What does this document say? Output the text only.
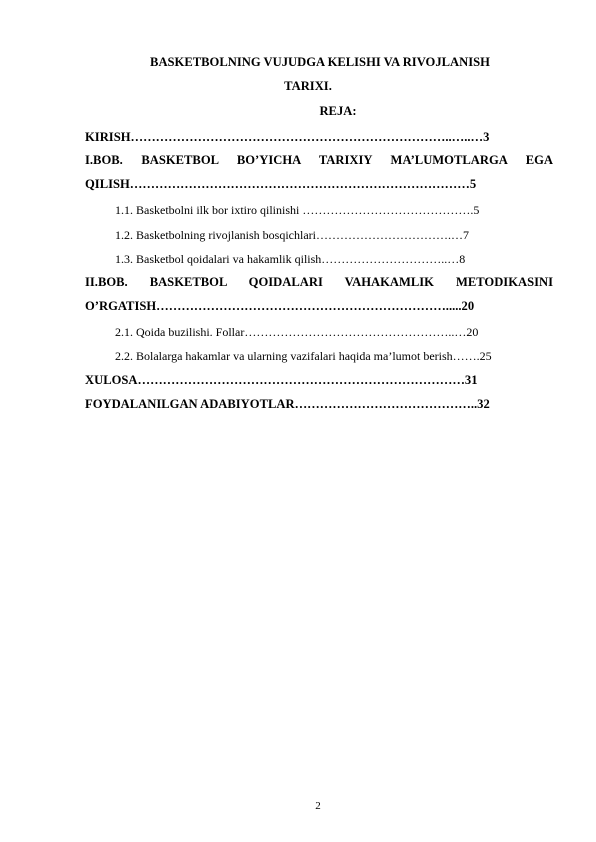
BASKETBOLNING VUJUDGA KELISHI VA RIVOJLANISH
TARIXI.
REJA:
KIRISH…………………………………………………………………..…..…3
I.BOB. BASKETBOL BO’YICHA TARIXIY MA’LUMOTLARGA EGA
QILISH………………………………………………………………………5
1.1. Basketbolni ilk bor ixtiro qilinishi …………………………………….5
1.2. Basketbolning rivojlanish bosqichlari…………………………….…7
1.3. Basketbol qoidalari va hakamlik qilish…………………………..…8
II.BOB. BASKETBOL QOIDALARI VAHAKAMLIK METODIKASINI
O’RGATISH…………………………………………………………….....20
2.1. Qoida buzilishi. Follar……………………………………………..…20
2.2. Bolalarga hakamlar va ularning vazifalari haqida ma’lumot berish…….25
XULOSA……………………………………………………………………31
FOYDALANILGAN ADABIYOTLAR……………………………………..32
2
